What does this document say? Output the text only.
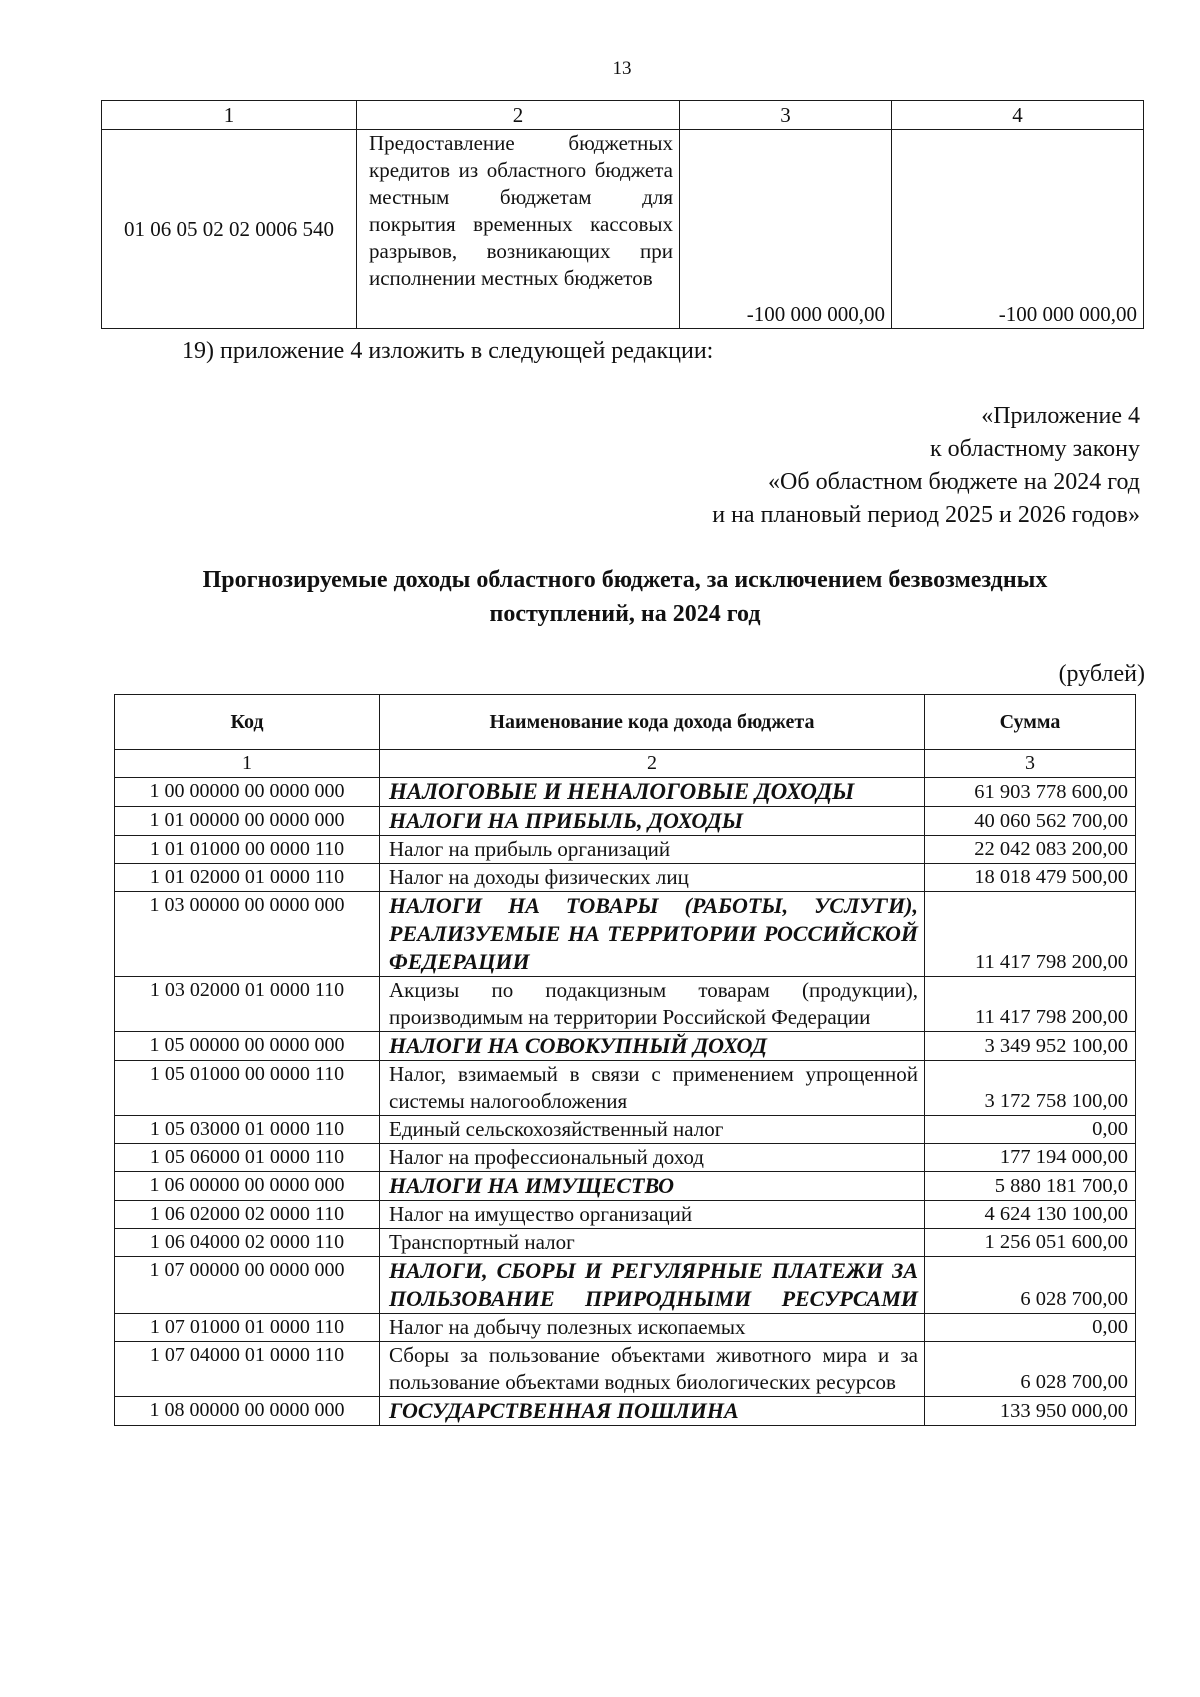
13
1	2	3	4
01 06 05 02 02 0006 540	Предоставление бюджетных кредитов из областного бюджета местным бюджетам для покрытия временных кассовых разрывов, возникающих при исполнении местных бюджетов	-100 000 000,00	-100 000 000,00
19) приложение 4 изложить в следующей редакции:
«Приложение 4
к областному закону
«Об областном бюджете на 2024 год
и на плановый период 2025 и 2026 годов»
Прогнозируемые доходы областного бюджета, за исключением безвозмездных
поступлений, на 2024 год
(рублей)
Код	Наименование кода дохода бюджета	Сумма
1	2	3
1 00 00000 00 0000 000	НАЛОГОВЫЕ И НЕНАЛОГОВЫЕ ДОХОДЫ	61 903 778 600,00
1 01 00000 00 0000 000	НАЛОГИ НА ПРИБЫЛЬ, ДОХОДЫ	40 060 562 700,00
1 01 01000 00 0000 110	Налог на прибыль организаций	22 042 083 200,00
1 01 02000 01 0000 110	Налог на доходы физических лиц	18 018 479 500,00
1 03 00000 00 0000 000	НАЛОГИ НА ТОВАРЫ (РАБОТЫ, УСЛУГИ), РЕАЛИЗУЕМЫЕ НА ТЕРРИТОРИИ РОССИЙСКОЙ ФЕДЕРАЦИИ	11 417 798 200,00
1 03 02000 01 0000 110	Акцизы по подакцизным товарам (продукции), производимым на территории Российской Федерации	11 417 798 200,00
1 05 00000 00 0000 000	НАЛОГИ НА СОВОКУПНЫЙ ДОХОД	3 349 952 100,00
1 05 01000 00 0000 110	Налог, взимаемый в связи с применением упрощенной системы налогообложения	3 172 758 100,00
1 05 03000 01 0000 110	Единый сельскохозяйственный налог	0,00
1 05 06000 01 0000 110	Налог на профессиональный доход	177 194 000,00
1 06 00000 00 0000 000	НАЛОГИ НА ИМУЩЕСТВО	5 880 181 700,0
1 06 02000 02 0000 110	Налог на имущество организаций	4 624 130 100,00
1 06 04000 02 0000 110	Транспортный налог	1 256 051 600,00
1 07 00000 00 0000 000	НАЛОГИ, СБОРЫ И РЕГУЛЯРНЫЕ ПЛАТЕЖИ ЗА ПОЛЬЗОВАНИЕ ПРИРОДНЫМИ РЕСУРСАМИ	6 028 700,00
1 07 01000 01 0000 110	Налог на добычу полезных ископаемых	0,00
1 07 04000 01 0000 110	Сборы за пользование объектами животного мира и за пользование объектами водных биологических ресурсов	6 028 700,00
1 08 00000 00 0000 000	ГОСУДАРСТВЕННАЯ ПОШЛИНА	133 950 000,00
